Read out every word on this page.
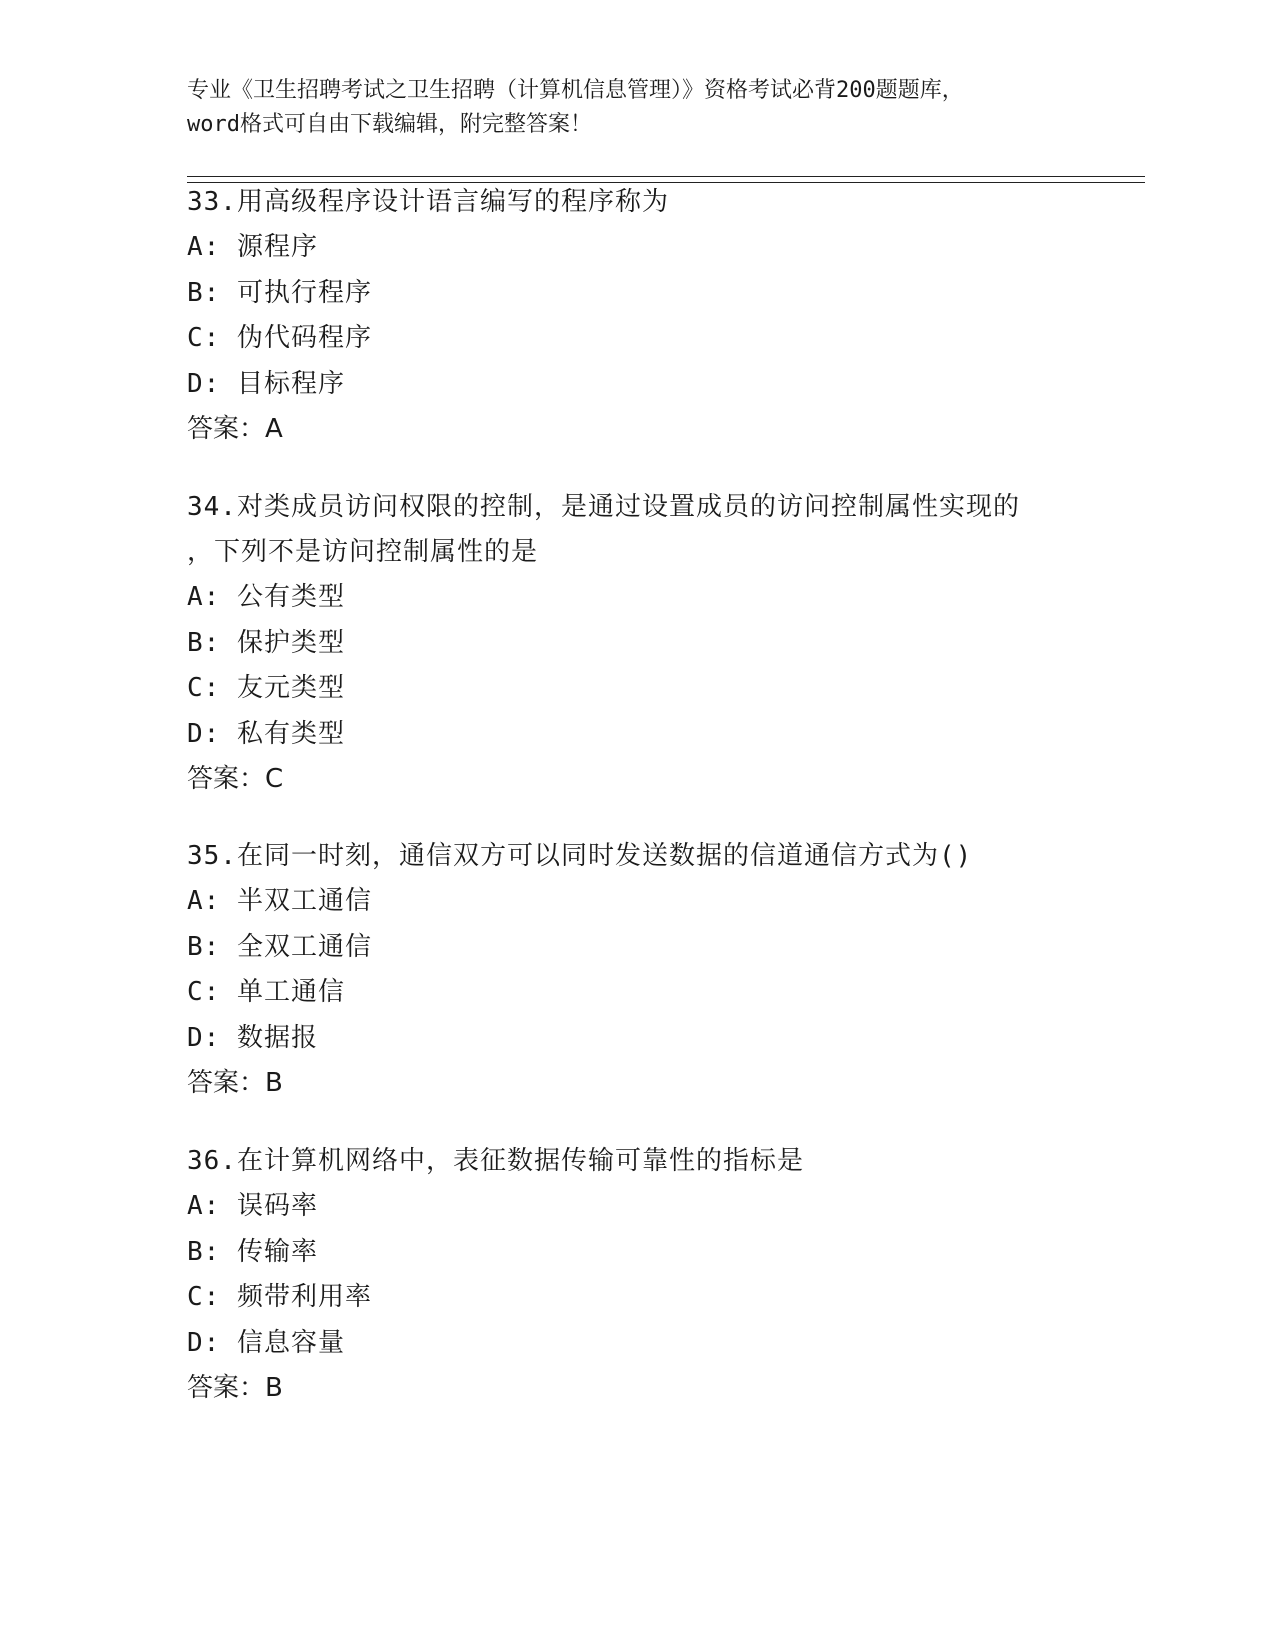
专业《卫生招聘考试之卫生招聘（计算机信息管理）》资格考试必背200题题库，
word格式可自由下载编辑，附完整答案！
33.用高级程序设计语言编写的程序称为
A: 源程序
B: 可执行程序
C: 伪代码程序
D: 目标程序
答案：A
34.对类成员访问权限的控制，是通过设置成员的访问控制属性实现的
，下列不是访问控制属性的是
A: 公有类型
B: 保护类型
C: 友元类型
D: 私有类型
答案：C
35.在同一时刻，通信双方可以同时发送数据的信道通信方式为()
A: 半双工通信
B: 全双工通信
C: 单工通信
D: 数据报
答案：B
36.在计算机网络中，表征数据传输可靠性的指标是
A: 误码率
B: 传输率
C: 频带利用率
D: 信息容量
答案：B
